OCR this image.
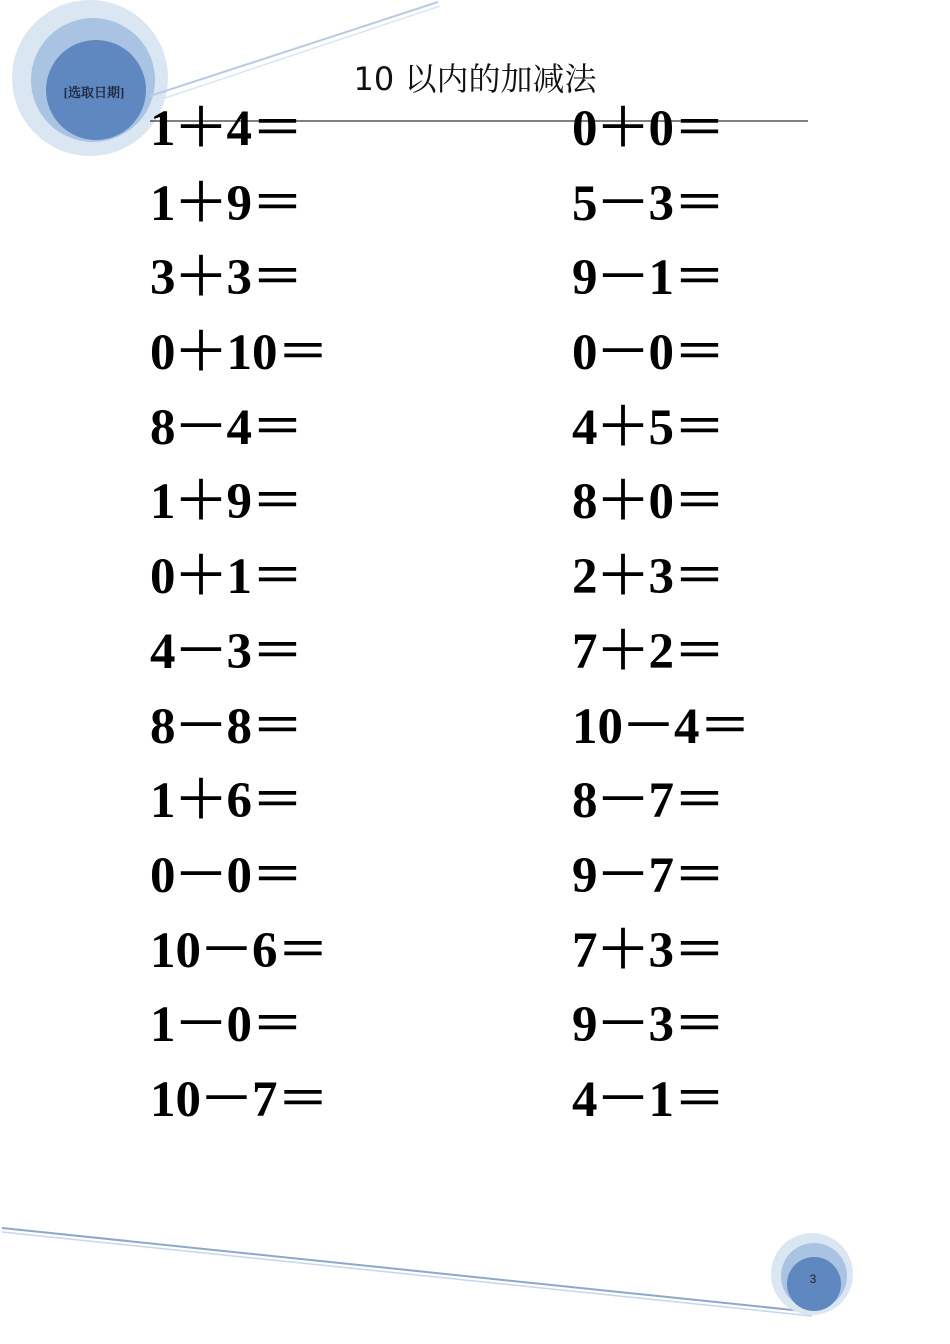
[选取日期]	10 以内的加减法
1＋4＝
1＋9＝
3＋3＝
0＋10＝
8－4＝
1＋9＝
0＋1＝
4－3＝
8－8＝
1＋6＝
0－0＝
10－6＝
1－0＝
10－7＝
0＋0＝
5－3＝
9－1＝
0－0＝
4＋5＝
8＋0＝
2＋3＝
7＋2＝
10－4＝
8－7＝
9－7＝
7＋3＝
9－3＝
4－1＝
3
